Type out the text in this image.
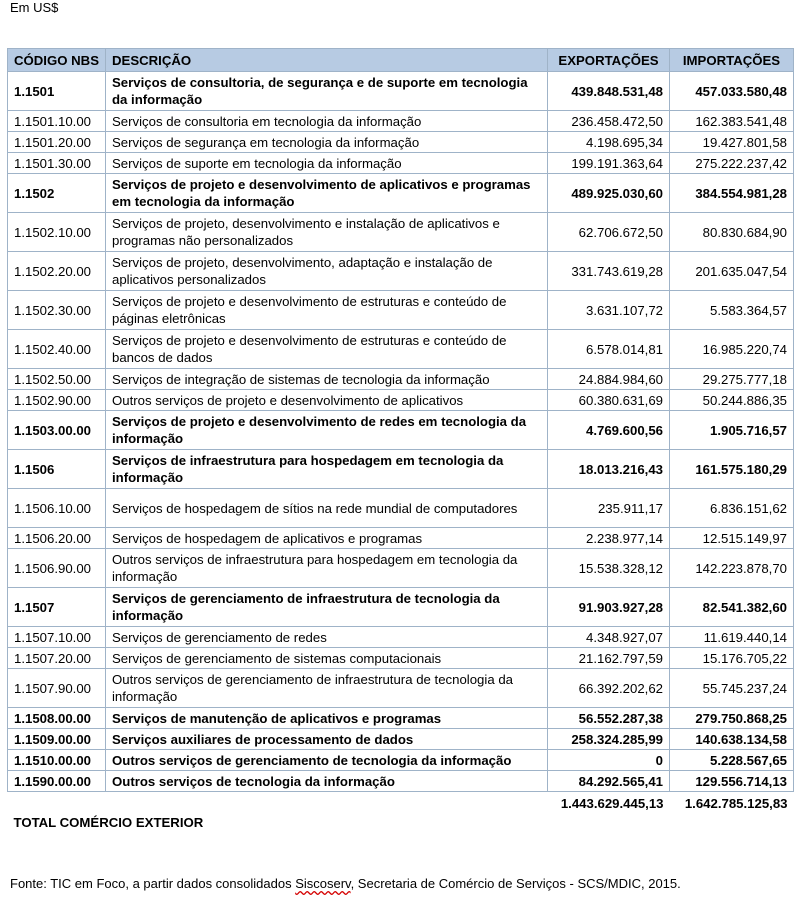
Em US$
CÓDIGO NBS	DESCRIÇÃO	EXPORTAÇÕES	IMPORTAÇÕES
1.1501	Serviços de consultoria, de segurança e de suporte em tecnologia da informação	439.848.531,48	457.033.580,48
1.1501.10.00	Serviços de consultoria em tecnologia da informação	236.458.472,50	162.383.541,48
1.1501.20.00	Serviços de segurança em tecnologia da informação	4.198.695,34	19.427.801,58
1.1501.30.00	Serviços de suporte em tecnologia da informação	199.191.363,64	275.222.237,42
1.1502	Serviços de projeto e desenvolvimento de aplicativos e programas em tecnologia da informação	489.925.030,60	384.554.981,28
1.1502.10.00	Serviços de projeto, desenvolvimento e instalação de aplicativos e programas não personalizados	62.706.672,50	80.830.684,90
1.1502.20.00	Serviços de projeto, desenvolvimento, adaptação e instalação de aplicativos personalizados	331.743.619,28	201.635.047,54
1.1502.30.00	Serviços de projeto e desenvolvimento de estruturas e conteúdo de páginas eletrônicas	3.631.107,72	5.583.364,57
1.1502.40.00	Serviços de projeto e desenvolvimento de estruturas e conteúdo de bancos de dados	6.578.014,81	16.985.220,74
1.1502.50.00	Serviços de integração de sistemas de tecnologia da informação	24.884.984,60	29.275.777,18
1.1502.90.00	Outros serviços de projeto e desenvolvimento de aplicativos	60.380.631,69	50.244.886,35
1.1503.00.00	Serviços de projeto e desenvolvimento de redes em tecnologia da informação	4.769.600,56	1.905.716,57
1.1506	Serviços de infraestrutura para hospedagem em tecnologia da informação	18.013.216,43	161.575.180,29
1.1506.10.00	Serviços de hospedagem de sítios na rede mundial de computadores	235.911,17	6.836.151,62
1.1506.20.00	Serviços de hospedagem de aplicativos e programas	2.238.977,14	12.515.149,97
1.1506.90.00	Outros serviços de infraestrutura para hospedagem em tecnologia da informação	15.538.328,12	142.223.878,70
1.1507	Serviços de gerenciamento de infraestrutura de tecnologia da informação	91.903.927,28	82.541.382,60
1.1507.10.00	Serviços de gerenciamento de redes	4.348.927,07	11.619.440,14
1.1507.20.00	Serviços de gerenciamento de sistemas computacionais	21.162.797,59	15.176.705,22
1.1507.90.00	Outros serviços de gerenciamento de infraestrutura de tecnologia da informação	66.392.202,62	55.745.237,24
1.1508.00.00	Serviços de manutenção de aplicativos e programas	56.552.287,38	279.750.868,25
1.1509.00.00	Serviços auxiliares de processamento de dados	258.324.285,99	140.638.134,58
1.1510.00.00	Outros serviços de gerenciamento de tecnologia da informação	0	5.228.567,65
1.1590.00.00	Outros serviços de tecnologia da informação	84.292.565,41	129.556.714,13
TOTAL COMÉRCIO EXTERIOR		1.443.629.445,13	1.642.785.125,83
Fonte: TIC em Foco, a partir dados consolidados Siscoserv, Secretaria de Comércio de Serviços - SCS/MDIC, 2015.
